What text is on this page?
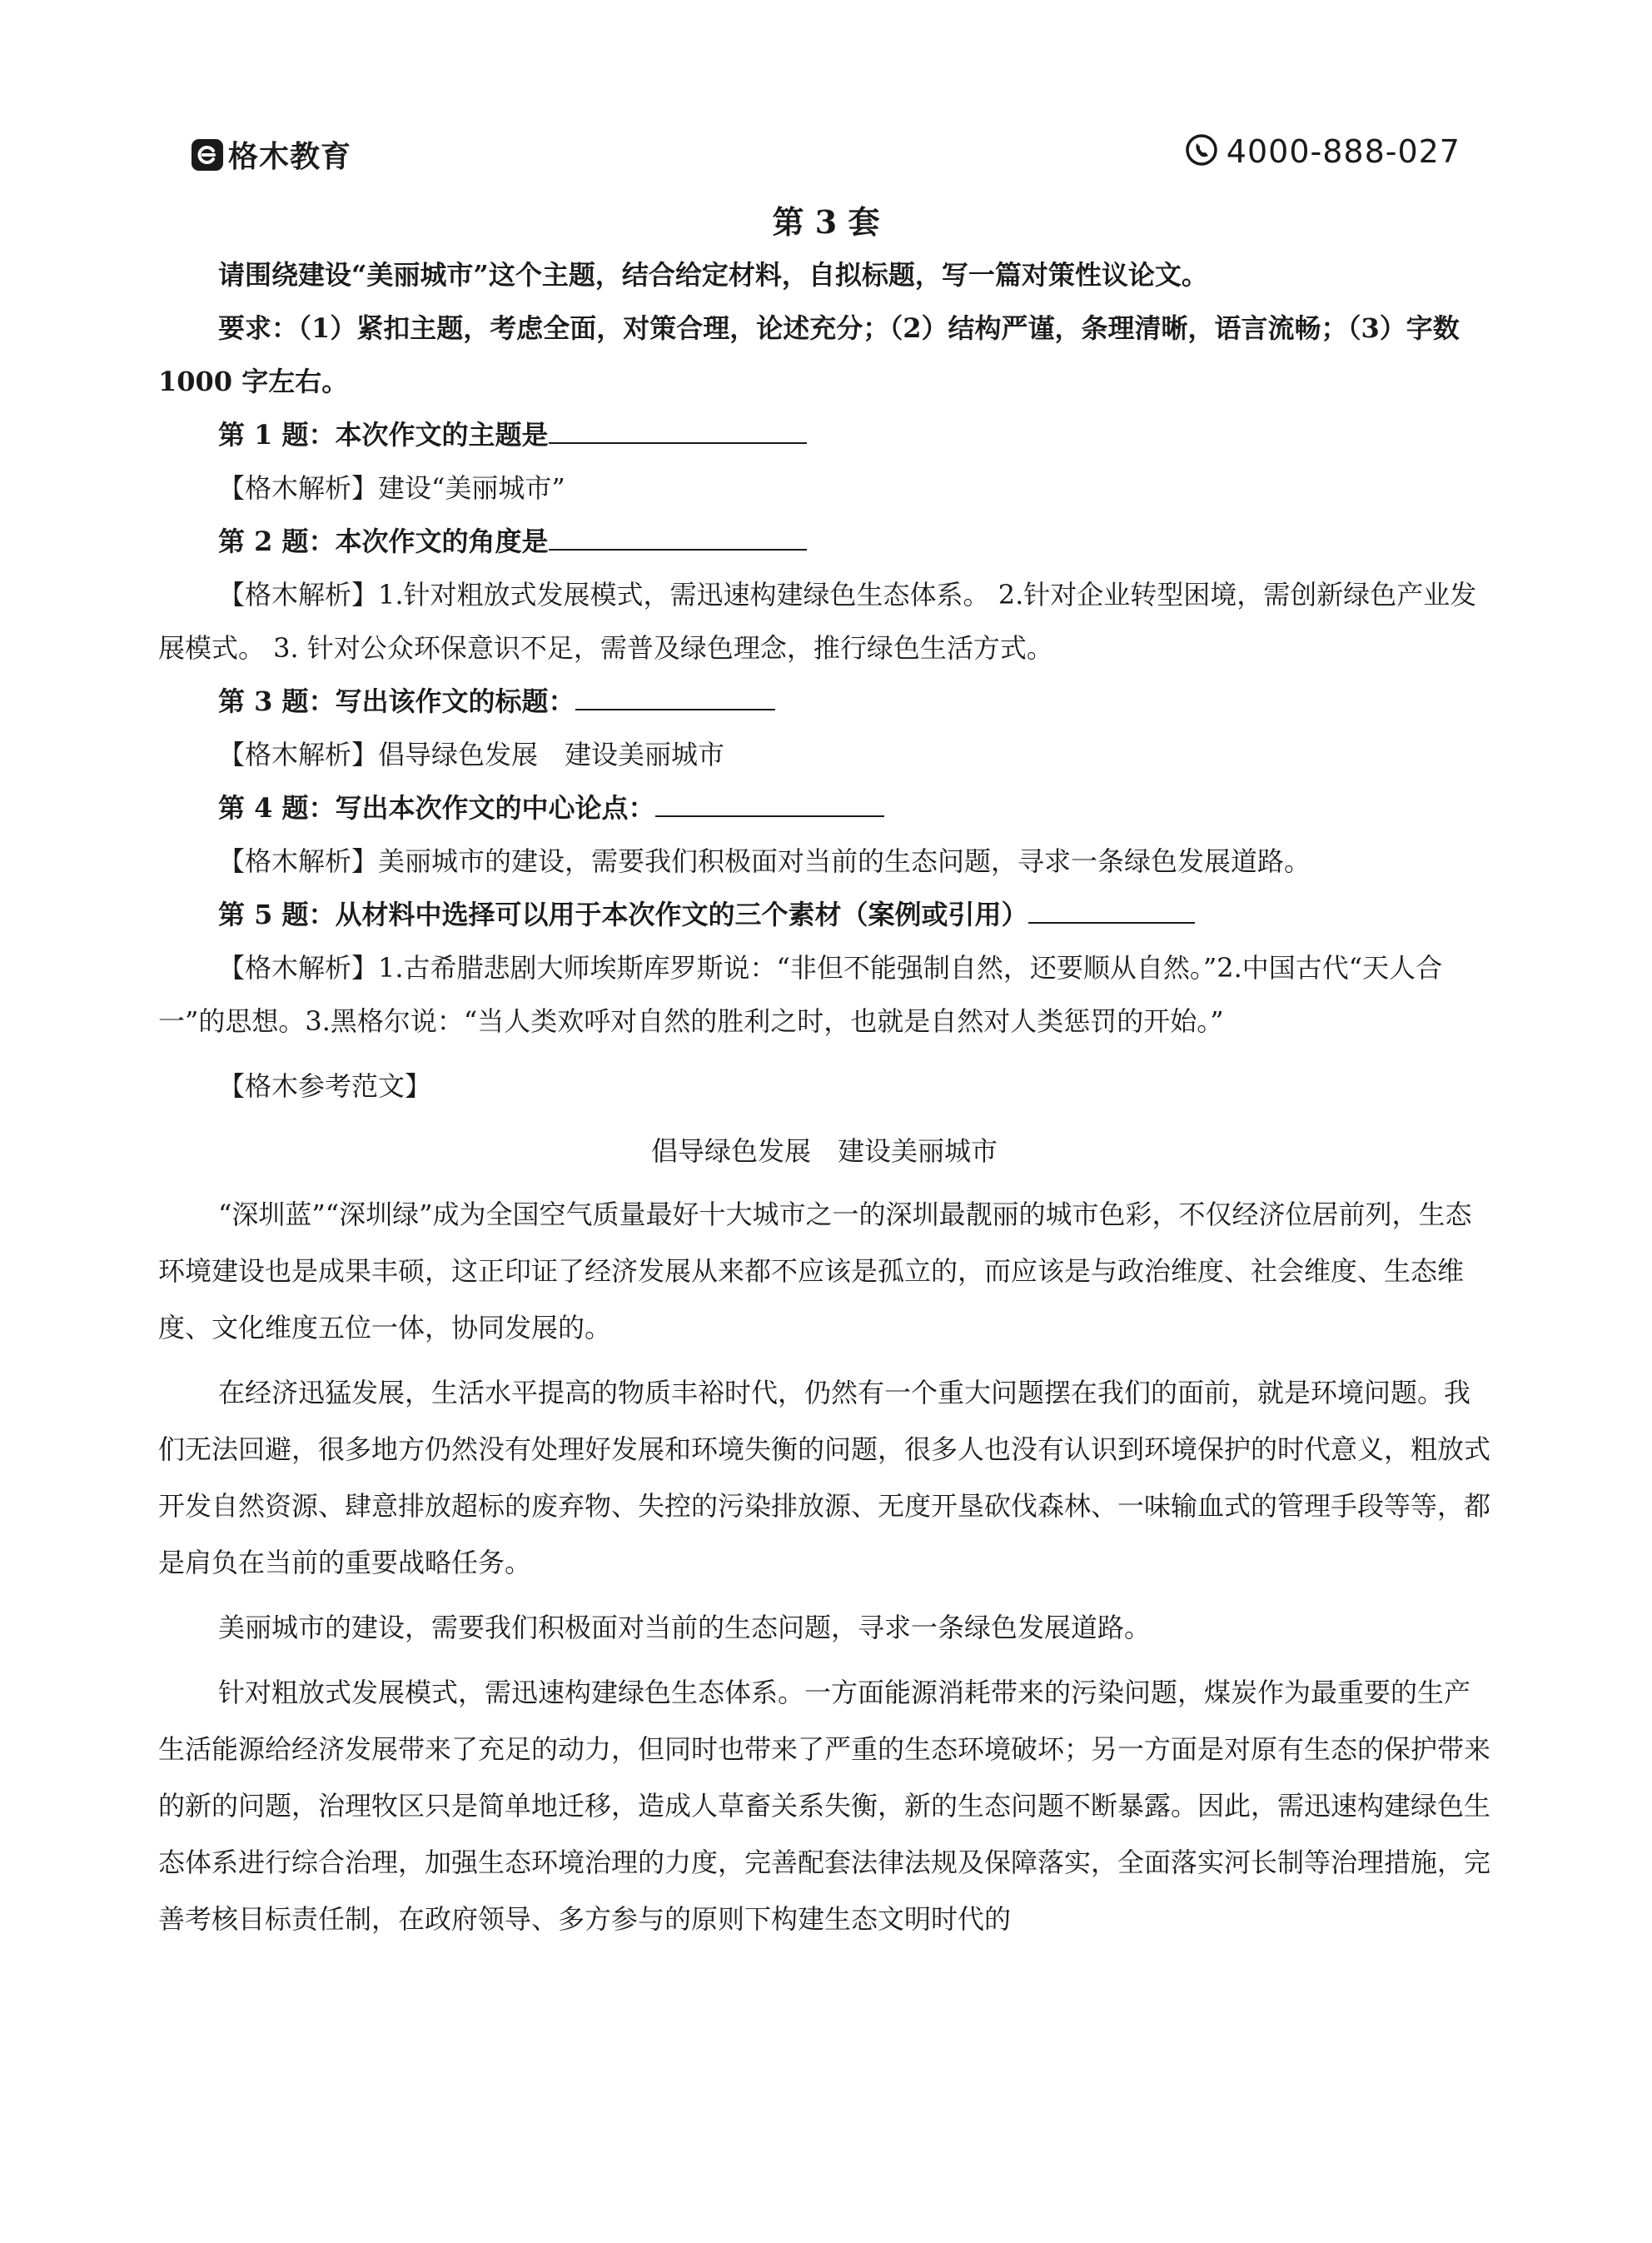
格木教育	4000-888-027
第 3 套

请围绕建设“美丽城市”这个主题，结合给定材料，自拟标题，写一篇对策性议论文。

要求：（1）紧扣主题，考虑全面，对策合理，论述充分；（2）结构严谨，条理清晰，语言流畅；（3）字数 1000 字左右。

第 1 题：本次作文的主题是

【格木解析】建设“美丽城市”

第 2 题：本次作文的角度是

【格木解析】1.针对粗放式发展模式，需迅速构建绿色生态体系。 2.针对企业转型困境，需创新绿色产业发展模式。 3. 针对公众环保意识不足，需普及绿色理念，推行绿色生活方式。

第 3 题：写出该作文的标题：

【格木解析】倡导绿色发展　建设美丽城市

第 4 题：写出本次作文的中心论点：

【格木解析】美丽城市的建设，需要我们积极面对当前的生态问题，寻求一条绿色发展道路。

第 5 题：从材料中选择可以用于本次作文的三个素材（案例或引用）

【格木解析】1.古希腊悲剧大师埃斯库罗斯说：“非但不能强制自然，还要顺从自然。”2.中国古代“天人合一”的思想。3.黑格尔说：“当人类欢呼对自然的胜利之时，也就是自然对人类惩罚的开始。”

【格木参考范文】

倡导绿色发展　建设美丽城市

“深圳蓝”“深圳绿”成为全国空气质量最好十大城市之一的深圳最靓丽的城市色彩，不仅经济位居前列，生态环境建设也是成果丰硕，这正印证了经济发展从来都不应该是孤立的，而应该是与政治维度、社会维度、生态维度、文化维度五位一体，协同发展的。

在经济迅猛发展，生活水平提高的物质丰裕时代，仍然有一个重大问题摆在我们的面前，就是环境问题。我们无法回避，很多地方仍然没有处理好发展和环境失衡的问题，很多人也没有认识到环境保护的时代意义，粗放式开发自然资源、肆意排放超标的废弃物、失控的污染排放源、无度开垦砍伐森林、一味输血式的管理手段等等，都是肩负在当前的重要战略任务。

美丽城市的建设，需要我们积极面对当前的生态问题，寻求一条绿色发展道路。

针对粗放式发展模式，需迅速构建绿色生态体系。一方面能源消耗带来的污染问题，煤炭作为最重要的生产生活能源给经济发展带来了充足的动力，但同时也带来了严重的生态环境破坏；另一方面是对原有生态的保护带来的新的问题，治理牧区只是简单地迁移，造成人草畜关系失衡，新的生态问题不断暴露。因此，需迅速构建绿色生态体系进行综合治理，加强生态环境治理的力度，完善配套法律法规及保障落实，全面落实河长制等治理措施，完善考核目标责任制，在政府领导、多方参与的原则下构建生态文明时代的
